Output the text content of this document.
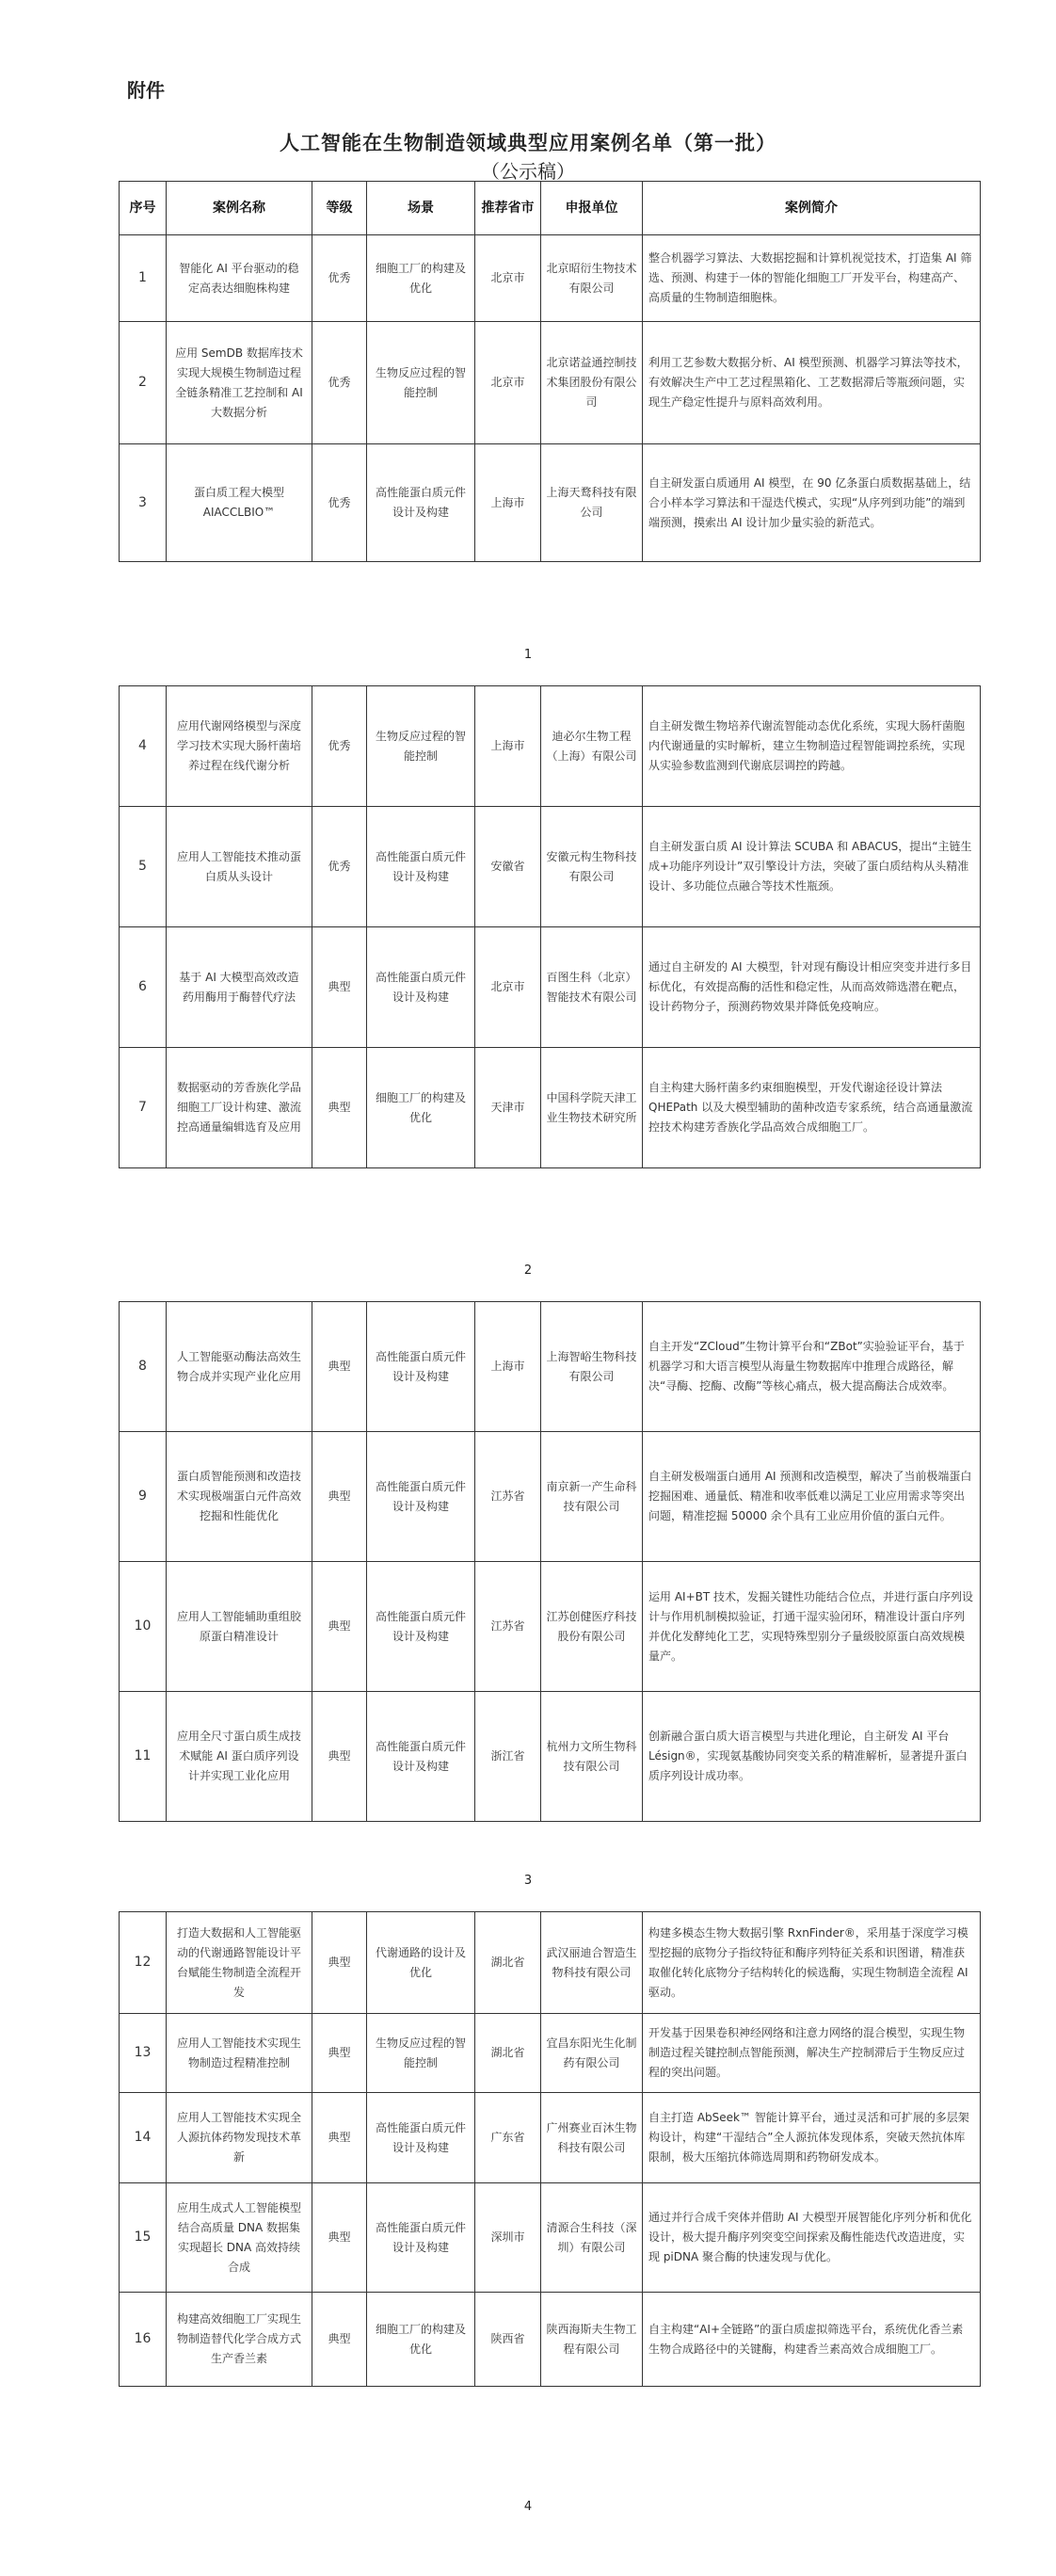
附件
人工智能在生物制造领域典型应用案例名单（第一批）
（公示稿）
序号	案例名称	等级	场景	推荐省市	申报单位	案例简介
1	智能化 AI 平台驱动的稳定高表达细胞株构建	优秀	细胞工厂的构建及优化	北京市	北京昭衍生物技术有限公司	整合机器学习算法、大数据挖掘和计算机视觉技术，打造集 AI 筛选、预测、构建于一体的智能化细胞工厂开发平台，构建高产、高质量的生物制造细胞株。
2	应用 SemDB 数据库技术实现大规模生物制造过程全链条精准工艺控制和 AI 大数据分析	优秀	生物反应过程的智能控制	北京市	北京诺益通控制技术集团股份有限公司	利用工艺参数大数据分析、AI 模型预测、机器学习算法等技术，有效解决生产中工艺过程黑箱化、工艺数据滞后等瓶颈问题，实现生产稳定性提升与原料高效利用。
3	蛋白质工程大模型 AIACCLBIO™	优秀	高性能蛋白质元件设计及构建	上海市	上海天鹜科技有限公司	自主研发蛋白质通用 AI 模型，在 90 亿条蛋白质数据基础上，结合小样本学习算法和干湿迭代模式，实现“从序列到功能”的端到端预测，摸索出 AI 设计加少量实验的新范式。
4	应用代谢网络模型与深度学习技术实现大肠杆菌培养过程在线代谢分析	优秀	生物反应过程的智能控制	上海市	迪必尔生物工程（上海）有限公司	自主研发微生物培养代谢流智能动态优化系统，实现大肠杆菌胞内代谢通量的实时解析，建立生物制造过程智能调控系统，实现从实验参数监测到代谢底层调控的跨越。
5	应用人工智能技术推动蛋白质从头设计	优秀	高性能蛋白质元件设计及构建	安徽省	安徽元构生物科技有限公司	自主研发蛋白质 AI 设计算法 SCUBA 和 ABACUS，提出“主链生成+功能序列设计”双引擎设计方法，突破了蛋白质结构从头精准设计、多功能位点融合等技术性瓶颈。
6	基于 AI 大模型高效改造药用酶用于酶替代疗法	典型	高性能蛋白质元件设计及构建	北京市	百图生科（北京）智能技术有限公司	通过自主研发的 AI 大模型，针对现有酶设计相应突变并进行多目标优化，有效提高酶的活性和稳定性，从而高效筛选潜在靶点，设计药物分子，预测药物效果并降低免疫响应。
7	数据驱动的芳香族化学品细胞工厂设计构建、激流控高通量编辑选育及应用	典型	细胞工厂的构建及优化	天津市	中国科学院天津工业生物技术研究所	自主构建大肠杆菌多约束细胞模型，开发代谢途径设计算法 QHEPath 以及大模型辅助的菌种改造专家系统，结合高通量激流控技术构建芳香族化学品高效合成细胞工厂。
8	人工智能驱动酶法高效生物合成并实现产业化应用	典型	高性能蛋白质元件设计及构建	上海市	上海智峪生物科技有限公司	自主开发“ZCloud”生物计算平台和“ZBot”实验验证平台，基于机器学习和大语言模型从海量生物数据库中推理合成路径，解决“寻酶、挖酶、改酶”等核心痛点，极大提高酶法合成效率。
9	蛋白质智能预测和改造技术实现极端蛋白元件高效挖掘和性能优化	典型	高性能蛋白质元件设计及构建	江苏省	南京新一产生命科技有限公司	自主研发极端蛋白通用 AI 预测和改造模型，解决了当前极端蛋白挖掘困难、通量低、精准和收率低难以满足工业应用需求等突出问题，精准挖掘 50000 余个具有工业应用价值的蛋白元件。
10	应用人工智能辅助重组胶原蛋白精准设计	典型	高性能蛋白质元件设计及构建	江苏省	江苏创健医疗科技股份有限公司	运用 AI+BT 技术，发掘关键性功能结合位点，并进行蛋白序列设计与作用机制模拟验证，打通干湿实验闭环，精准设计蛋白序列并优化发酵纯化工艺，实现特殊型别分子量级胶原蛋白高效规模量产。
11	应用全尺寸蛋白质生成技术赋能 AI 蛋白质序列设计并实现工业化应用	典型	高性能蛋白质元件设计及构建	浙江省	杭州力文所生物科技有限公司	创新融合蛋白质大语言模型与共进化理论，自主研发 AI 平台 Lésign®，实现氨基酸协同突变关系的精准解析，显著提升蛋白质序列设计成功率。
12	打造大数据和人工智能驱动的代谢通路智能设计平台赋能生物制造全流程开发	典型	代谢通路的设计及优化	湖北省	武汉丽迪合智造生物科技有限公司	构建多模态生物大数据引擎 RxnFinder®，采用基于深度学习模型挖掘的底物分子指纹特征和酶序列特征关系和识图谱，精准获取催化转化底物分子结构转化的候选酶，实现生物制造全流程 AI 驱动。
13	应用人工智能技术实现生物制造过程精准控制	典型	生物反应过程的智能控制	湖北省	宜昌东阳光生化制药有限公司	开发基于因果卷积神经网络和注意力网络的混合模型，实现生物制造过程关键控制点智能预测，解决生产控制滞后于生物反应过程的突出问题。
14	应用人工智能技术实现全人源抗体药物发现技术革新	典型	高性能蛋白质元件设计及构建	广东省	广州赛业百沐生物科技有限公司	自主打造 AbSeek™ 智能计算平台，通过灵活和可扩展的多层架构设计，构建“干湿结合”全人源抗体发现体系，突破天然抗体库限制，极大压缩抗体筛选周期和药物研发成本。
15	应用生成式人工智能模型结合高质量 DNA 数据集实现超长 DNA 高效持续合成	典型	高性能蛋白质元件设计及构建	深圳市	清源合生科技（深圳）有限公司	通过并行合成千突体并借助 AI 大模型开展智能化序列分析和优化设计，极大提升酶序列突变空间探索及酶性能迭代改造进度，实现 piDNA 聚合酶的快速发现与优化。
16	构建高效细胞工厂实现生物制造替代化学合成方式生产香兰素	典型	细胞工厂的构建及优化	陕西省	陕西海斯夫生物工程有限公司	自主构建“AI+全链路”的蛋白质虚拟筛选平台，系统优化香兰素生物合成路径中的关键酶，构建香兰素高效合成细胞工厂。
1
2
3
4
